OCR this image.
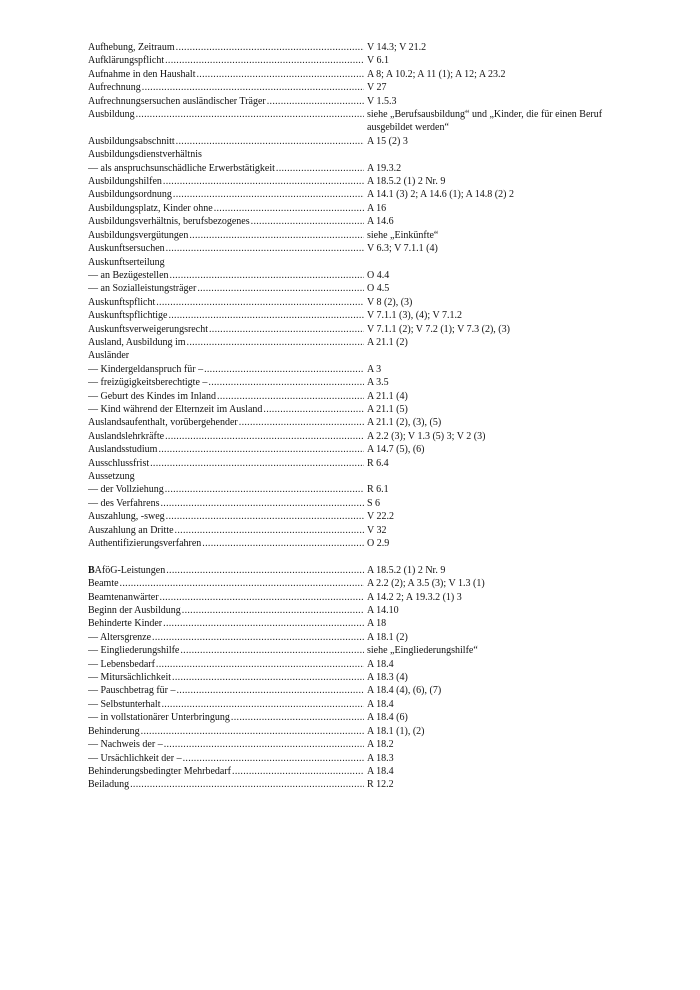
Aufhebung, Zeitraum .....	V 14.3; V 21.2
Aufklärungspflicht .....	V 6.1
Aufnahme in den Haushalt .....	A 8; A 10.2; A 11 (1); A 12; A 23.2
Aufrechnung .....	V 27
Aufrechnungsersuchen ausländischer Träger .....	V 1.5.3
Ausbildung .....	siehe „Berufsausbildung“ und „Kinder, die für einen Beruf ausgebildet werden“
Ausbildungsabschnitt .....	A 15 (2) 3
Ausbildungsdienstverhältnis
— als anspruchsunschädliche Erwerbstätigkeit .....	A 19.3.2
Ausbildungshilfen .....	A 18.5.2 (1) 2 Nr. 9
Ausbildungsordnung .....	A 14.1 (3) 2; A 14.6 (1); A 14.8 (2) 2
Ausbildungsplatz, Kinder ohne .....	A 16
Ausbildungsverhältnis, berufsbezogenes .....	A 14.6
Ausbildungsvergütungen .....	siehe „Einkünfte“
Auskunftsersuchen .....	V 6.3; V 7.1.1 (4)
Auskunftserteilung
— an Bezügestellen .....	O 4.4
— an Sozialleistungsträger .....	O 4.5
Auskunftspflicht .....	V 8 (2), (3)
Auskunftspflichtige .....	V 7.1.1 (3), (4); V 7.1.2
Auskunftsverweigerungsrecht .....	V 7.1.1 (2); V 7.2 (1); V 7.3 (2), (3)
Ausland, Ausbildung im .....	A 21.1 (2)
Ausländer
— Kindergeldanspruch für – .....	A 3
— freizügigkeitsberechtigte – .....	A 3.5
— Geburt des Kindes im Inland .....	A 21.1 (4)
— Kind während der Elternzeit im Ausland .....	A 21.1 (5)
Auslandsaufenthalt, vorübergehender .....	A 21.1 (2), (3), (5)
Auslandslehrkräfte .....	A 2.2 (3); V 1.3 (5) 3; V 2 (3)
Auslandsstudium .....	A 14.7 (5), (6)
Ausschlussfrist .....	R 6.4
Aussetzung
— der Vollziehung .....	R 6.1
— des Verfahrens .....	S 6
Auszahlung, -sweg .....	V 22.2
Auszahlung an Dritte .....	V 32
Authentifizierungsverfahren .....	O 2.9
BAföG-Leistungen .....	A 18.5.2 (1) 2 Nr. 9
Beamte .....	A 2.2 (2); A 3.5 (3); V 1.3 (1)
Beamtenanwärter .....	A 14.2 2; A 19.3.2 (1) 3
Beginn der Ausbildung .....	A 14.10
Behinderte Kinder .....	A 18
— Altersgrenze .....	A 18.1 (2)
— Eingliederungshilfe .....	siehe „Eingliederungshilfe“
— Lebensbedarf .....	A 18.4
— Mitursächlichkeit .....	A 18.3 (4)
— Pauschbetrag für – .....	A 18.4 (4), (6), (7)
— Selbstunterhalt .....	A 18.4
— in vollstationärer Unterbringung .....	A 18.4 (6)
Behinderung .....	A 18.1 (1), (2)
— Nachweis der – .....	A 18.2
— Ursächlichkeit der – .....	A 18.3
Behinderungsbedingter Mehrbedarf .....	A 18.4
Beiladung .....	R 12.2
